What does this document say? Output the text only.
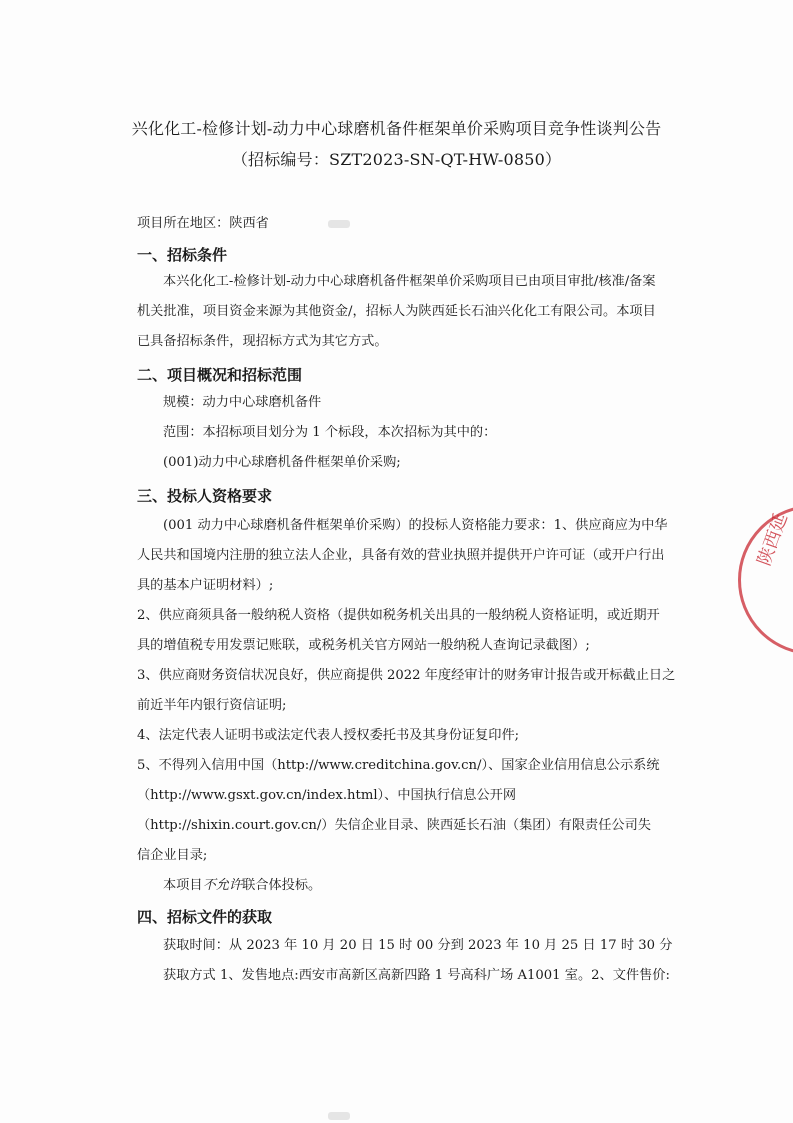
兴化化工-检修计划-动力中心球磨机备件框架单价采购项目竞争性谈判公告
（招标编号：SZT2023-SN-QT-HW-0850）
项目所在地区：陕西省
一、招标条件
本兴化化工-检修计划-动力中心球磨机备件框架单价采购项目已由项目审批/核准/备案
机关批准，项目资金来源为其他资金/，招标人为陕西延长石油兴化化工有限公司。本项目
已具备招标条件，现招标方式为其它方式。
二、项目概况和招标范围
规模：动力中心球磨机备件
范围：本招标项目划分为 1 个标段，本次招标为其中的：
(001)动力中心球磨机备件框架单价采购;
三、投标人资格要求
(001 动力中心球磨机备件框架单价采购）的投标人资格能力要求：1、供应商应为中华
人民共和国境内注册的独立法人企业，具备有效的营业执照并提供开户许可证（或开户行出
具的基本户证明材料）;
2、供应商须具备一般纳税人资格（提供如税务机关出具的一般纳税人资格证明，或近期开
具的增值税专用发票记账联，或税务机关官方网站一般纳税人查询记录截图）;
3、供应商财务资信状况良好，供应商提供 2022 年度经审计的财务审计报告或开标截止日之
前近半年内银行资信证明;
4、法定代表人证明书或法定代表人授权委托书及其身份证复印件;
5、不得列入信用中国（http://www.creditchina.gov.cn/）、国家企业信用信息公示系统
（http://www.gsxt.gov.cn/index.html）、中国执行信息公开网
（http://shixin.court.gov.cn/）失信企业目录、陕西延长石油（集团）有限责任公司失
信企业目录;
本项目不允许联合体投标。
四、招标文件的获取
获取时间：从 2023 年 10 月 20 日 15 时 00 分到 2023 年 10 月 25 日 17 时 30 分
获取方式 1、发售地点:西安市高新区高新四路 1 号高科广场 A1001 室。2、文件售价:
陕西延
